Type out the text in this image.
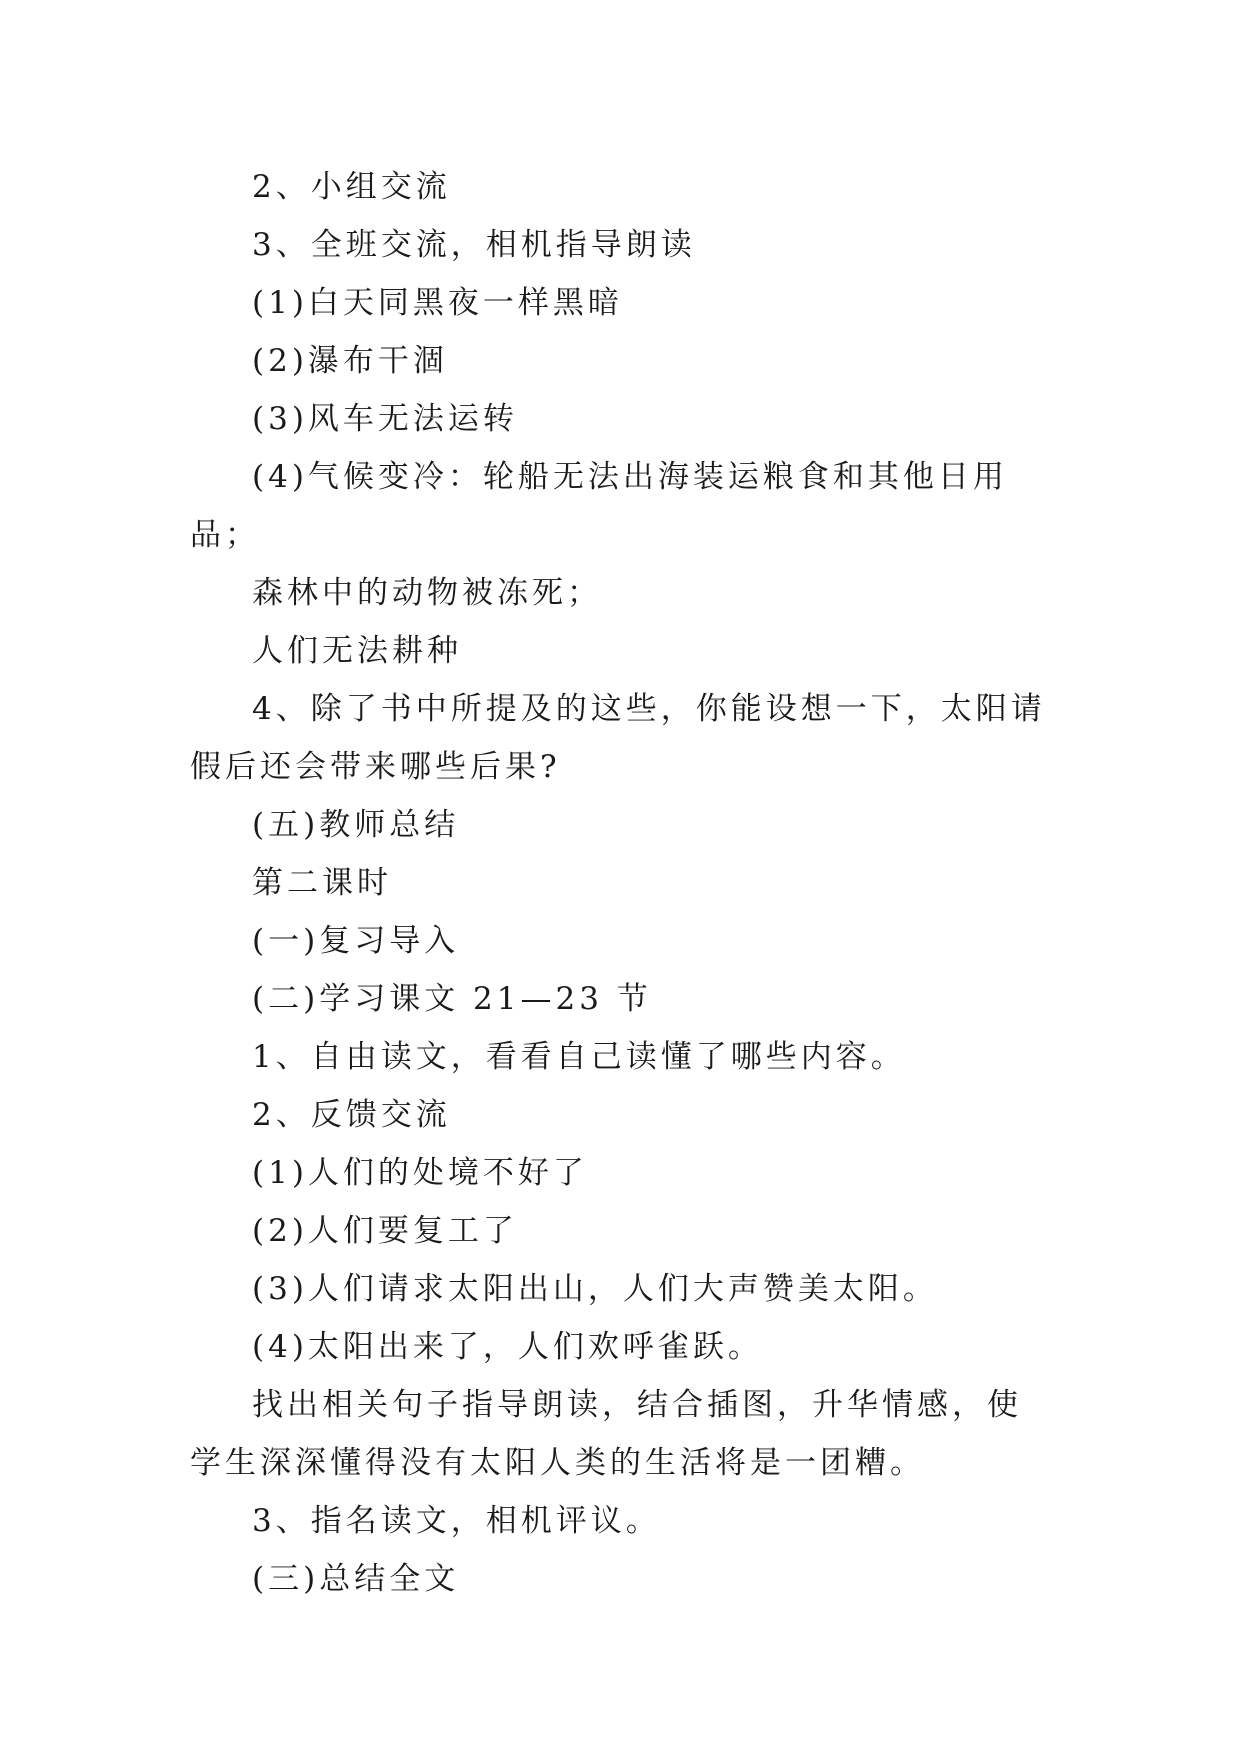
2、小组交流

3、全班交流，相机指导朗读

(1)白天同黑夜一样黑暗

(2)瀑布干涸

(3)风车无法运转

(4)气候变冷：轮船无法出海装运粮食和其他日用品；

森林中的动物被冻死；

人们无法耕种

4、除了书中所提及的这些，你能设想一下，太阳请假后还会带来哪些后果?

(五)教师总结

第二课时

(一)复习导入

(二)学习课文 21—23 节

1、自由读文，看看自己读懂了哪些内容。

2、反馈交流

(1)人们的处境不好了

(2)人们要复工了

(3)人们请求太阳出山，人们大声赞美太阳。

(4)太阳出来了，人们欢呼雀跃。

找出相关句子指导朗读，结合插图，升华情感，使学生深深懂得没有太阳人类的生活将是一团糟。

3、指名读文，相机评议。

(三)总结全文
